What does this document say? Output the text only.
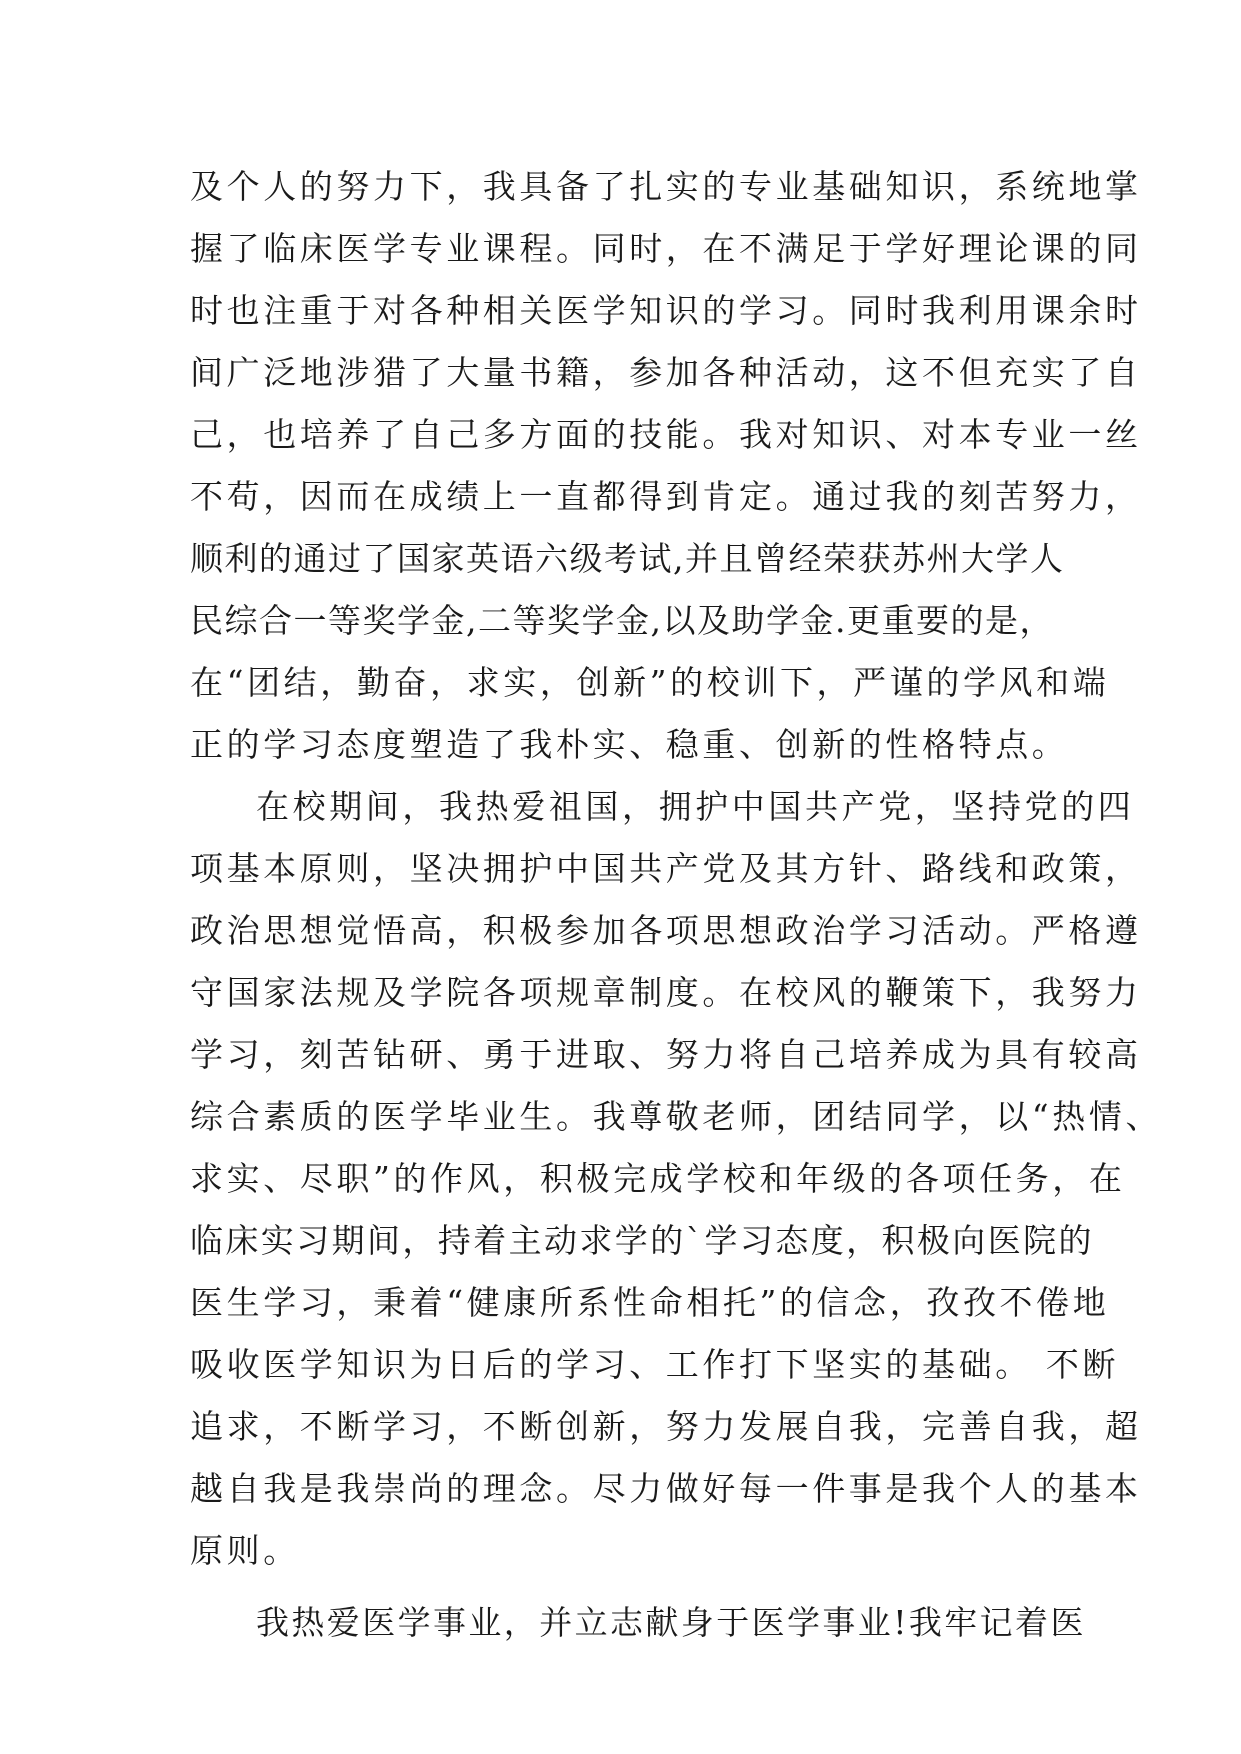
及个人的努力下，我具备了扎实的专业基础知识，系统地掌
握了临床医学专业课程。同时，在不满足于学好理论课的同
时也注重于对各种相关医学知识的学习。同时我利用课余时
间广泛地涉猎了大量书籍，参加各种活动，这不但充实了自
己，也培养了自己多方面的技能。我对知识、对本专业一丝
不苟，因而在成绩上一直都得到肯定。通过我的刻苦努力，
顺利的通过了国家英语六级考试,并且曾经荣获苏州大学人
民综合一等奖学金,二等奖学金,以及助学金.更重要的是，
在“团结，勤奋，求实，创新”的校训下，严谨的学风和端
正的学习态度塑造了我朴实、稳重、创新的性格特点。
在校期间，我热爱祖国，拥护中国共产党，坚持党的四
项基本原则，坚决拥护中国共产党及其方针、路线和政策，
政治思想觉悟高，积极参加各项思想政治学习活动。严格遵
守国家法规及学院各项规章制度。在校风的鞭策下，我努力
学习，刻苦钻研、勇于进取、努力将自己培养成为具有较高
综合素质的医学毕业生。我尊敬老师，团结同学，以“热情、
求实、尽职”的作风，积极完成学校和年级的各项任务，在
临床实习期间，持着主动求学的`学习态度，积极向医院的
医生学习，秉着“健康所系性命相托”的信念，孜孜不倦地
吸收医学知识为日后的学习、工作打下坚实的基础。 不断
追求，不断学习，不断创新，努力发展自我，完善自我，超
越自我是我崇尚的理念。尽力做好每一件事是我个人的基本
原则。
我热爱医学事业，并立志献身于医学事业!我牢记着医
